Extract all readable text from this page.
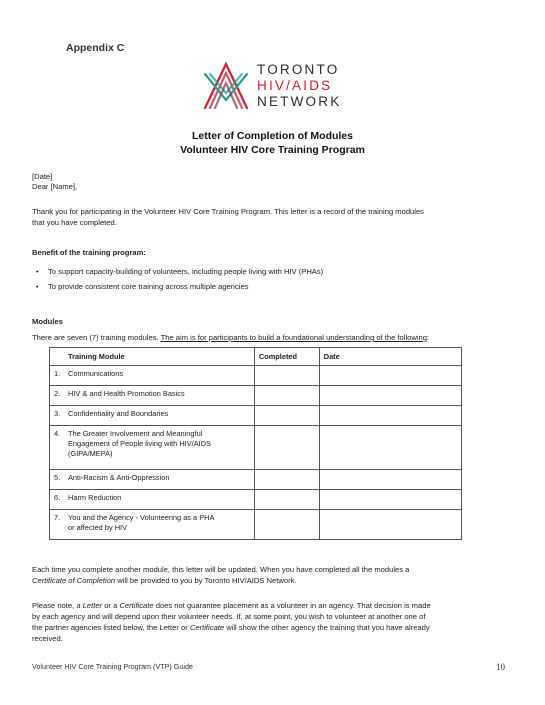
Appendix C
TORONTO
HIV/AIDS
NETWORK
Letter of Completion of Modules
Volunteer HIV Core Training Program
[Date]
Dear [Name],
Thank you for participating in the Volunteer HIV Core Training Program. This letter is a record of the training modules
that you have completed.
Benefit of the training program:
• To support capacity-building of volunteers, including people living with HIV (PHAs)
• To provide consistent core training across multiple agencies
Modules
There are seven (7) training modules. The aim is for participants to build a foundational understanding of the following:
Training Module	Completed	Date
1. Communications		
2. HIV & and Health Promotion Basics		
3. Confidentiality and Boundaries		
4. The Greater Involvement and Meaningful
Engagement of People living with HIV/AIDS
(GIPA/MEPA)		
5. Anti-Racism & Anti-Oppression		
6. Harm Reduction		
7. You and the Agency - Volunteering as a PHA
or affected by HIV		
Each time you complete another module, this letter will be updated. When you have completed all the modules a
Certificate of Completion will be provided to you by Toronto HIV/AIDS Network.
Please note, a Letter or a Certificate does not guarantee placement as a volunteer in an agency. That decision is made
by each agency and will depend upon their volunteer needs. If, at some point, you wish to volunteer at another one of
the partner agencies listed below, the Letter or Certificate will show the other agency the training that you have already
received.
Volunteer HIV Core Training Program (VTP) Guide	10
